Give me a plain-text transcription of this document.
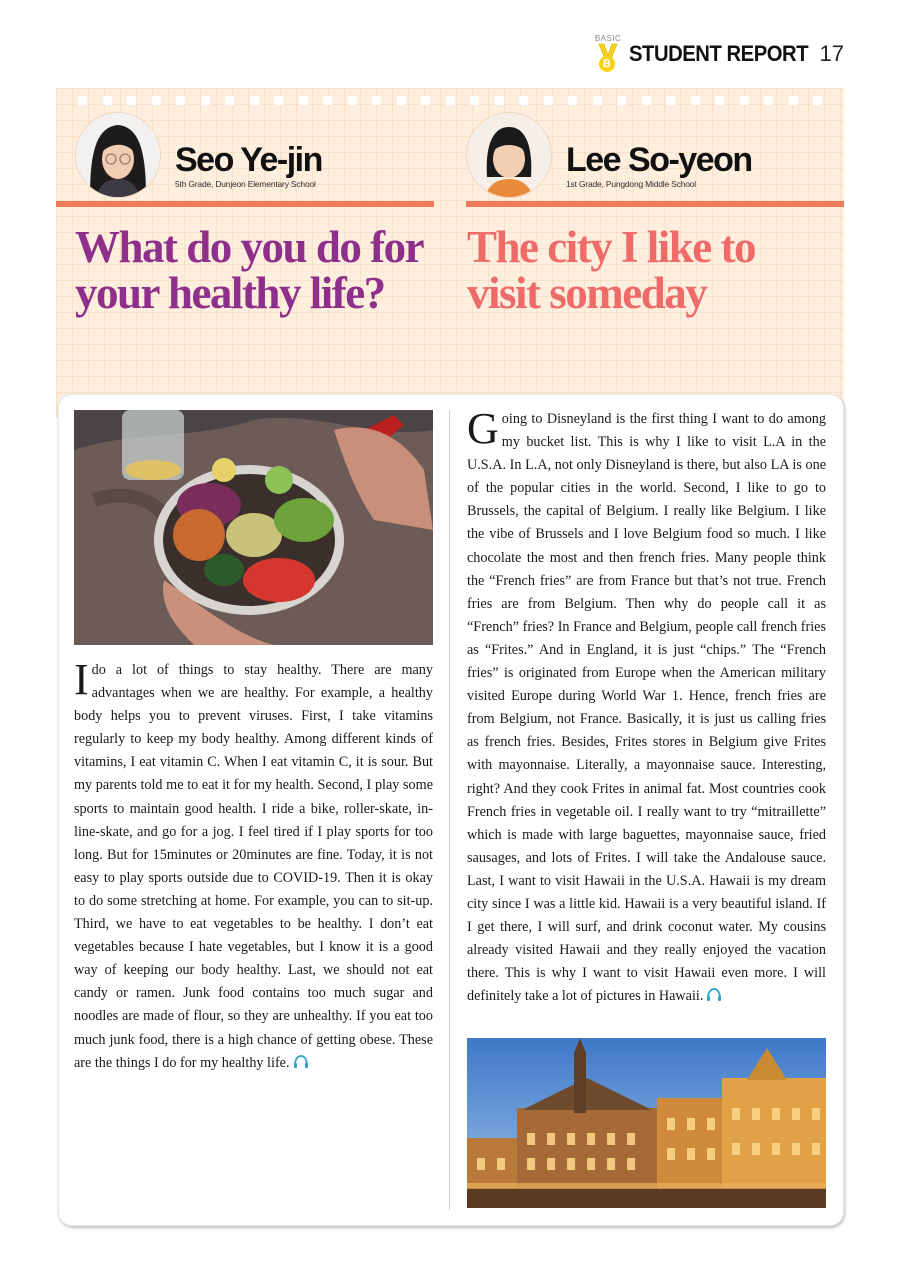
BASIC
B STUDENT REPORT 17
Seo Ye-jin
5th Grade, Dunjeon Elementary School
Lee So-yeon
1st Grade, Pungdong Middle School
What do you do for
your healthy life?
The city I like to
visit someday
I do a lot of things to stay healthy. There are many advantages when we are healthy. For example, a healthy body helps you to prevent viruses. First, I take vitamins regularly to keep my body healthy. Among different kinds of vitamins, I eat vitamin C. When I eat vitamin C, it is sour. But my parents told me to eat it for my health. Second, I play some sports to maintain good health. I ride a bike, roller-skate, in-line-skate, and go for a jog. I feel tired if I play sports for too long. But for 15minutes or 20minutes are fine. Today, it is not easy to play sports outside due to COVID-19. Then it is okay to do some stretching at home. For example, you can to sit-up. Third, we have to eat vegetables to be healthy. I don’t eat vegetables because I hate vegetables, but I know it is a good way of keeping our body healthy. Last, we should not eat candy or ramen. Junk food contains too much sugar and noodles are made of flour, so they are unhealthy. If you eat too much junk food, there is a high chance of getting obese. These are the things I do for my healthy life.
Going to Disneyland is the first thing I want to do among my bucket list. This is why I like to visit L.A in the U.S.A. In L.A, not only Disneyland is there, but also LA is one of the popular cities in the world. Second, I like to go to Brussels, the capital of Belgium. I really like Belgium. I like the vibe of Brussels and I love Belgium food so much. I like chocolate the most and then french fries. Many people think the “French fries” are from France but that’s not true. French fries are from Belgium. Then why do people call it as “French” fries? In France and Belgium, people call french fries as “Frites.” And in England, it is just “chips.” The “French fries” is originated from Europe when the American military visited Europe during World War 1. Hence, french fries are from Belgium, not France. Basically, it is just us calling fries as french fries. Besides, Frites stores in Belgium give Frites with mayonnaise. Literally, a mayonnaise sauce. Interesting, right? And they cook Frites in animal fat. Most countries cook French fries in vegetable oil. I really want to try “mitraillette” which is made with large baguettes, mayonnaise sauce, fried sausages, and lots of Frites. I will take the Andalouse sauce. Last, I want to visit Hawaii in the U.S.A. Hawaii is my dream city since I was a little kid. Hawaii is a very beautiful island. If I get there, I will surf, and drink coconut water. My cousins already visited Hawaii and they really enjoyed the vacation there. This is why I want to visit Hawaii even more. I will definitely take a lot of pictures in Hawaii.
